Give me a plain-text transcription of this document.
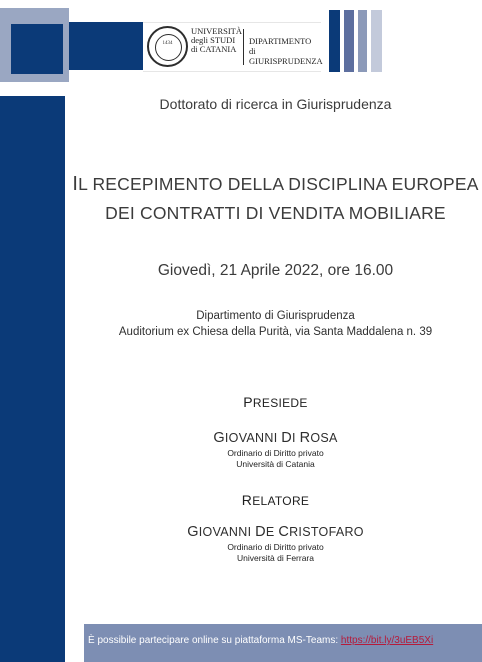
1434
UNIVERSITÀ
degli STUDI
di CATANIA
DIPARTIMENTO
di GIURISPRUDENZA
Dottorato di ricerca in Giurisprudenza
IL RECEPIMENTO DELLA DISCIPLINA EUROPEA
DEI CONTRATTI DI VENDITA MOBILIARE
Giovedì, 21 Aprile 2022, ore 16.00
Dipartimento di Giurisprudenza
Auditorium ex Chiesa della Purità, via Santa Maddalena n. 39
PRESIEDE
GIOVANNI DI ROSA
Ordinario di Diritto privato
Università di Catania
RELATORE
GIOVANNI DE CRISTOFARO
Ordinario di Diritto privato
Università di Ferrara
È possibile partecipare online su piattaforma MS-Teams: https://bit.ly/3uEB5Xi
